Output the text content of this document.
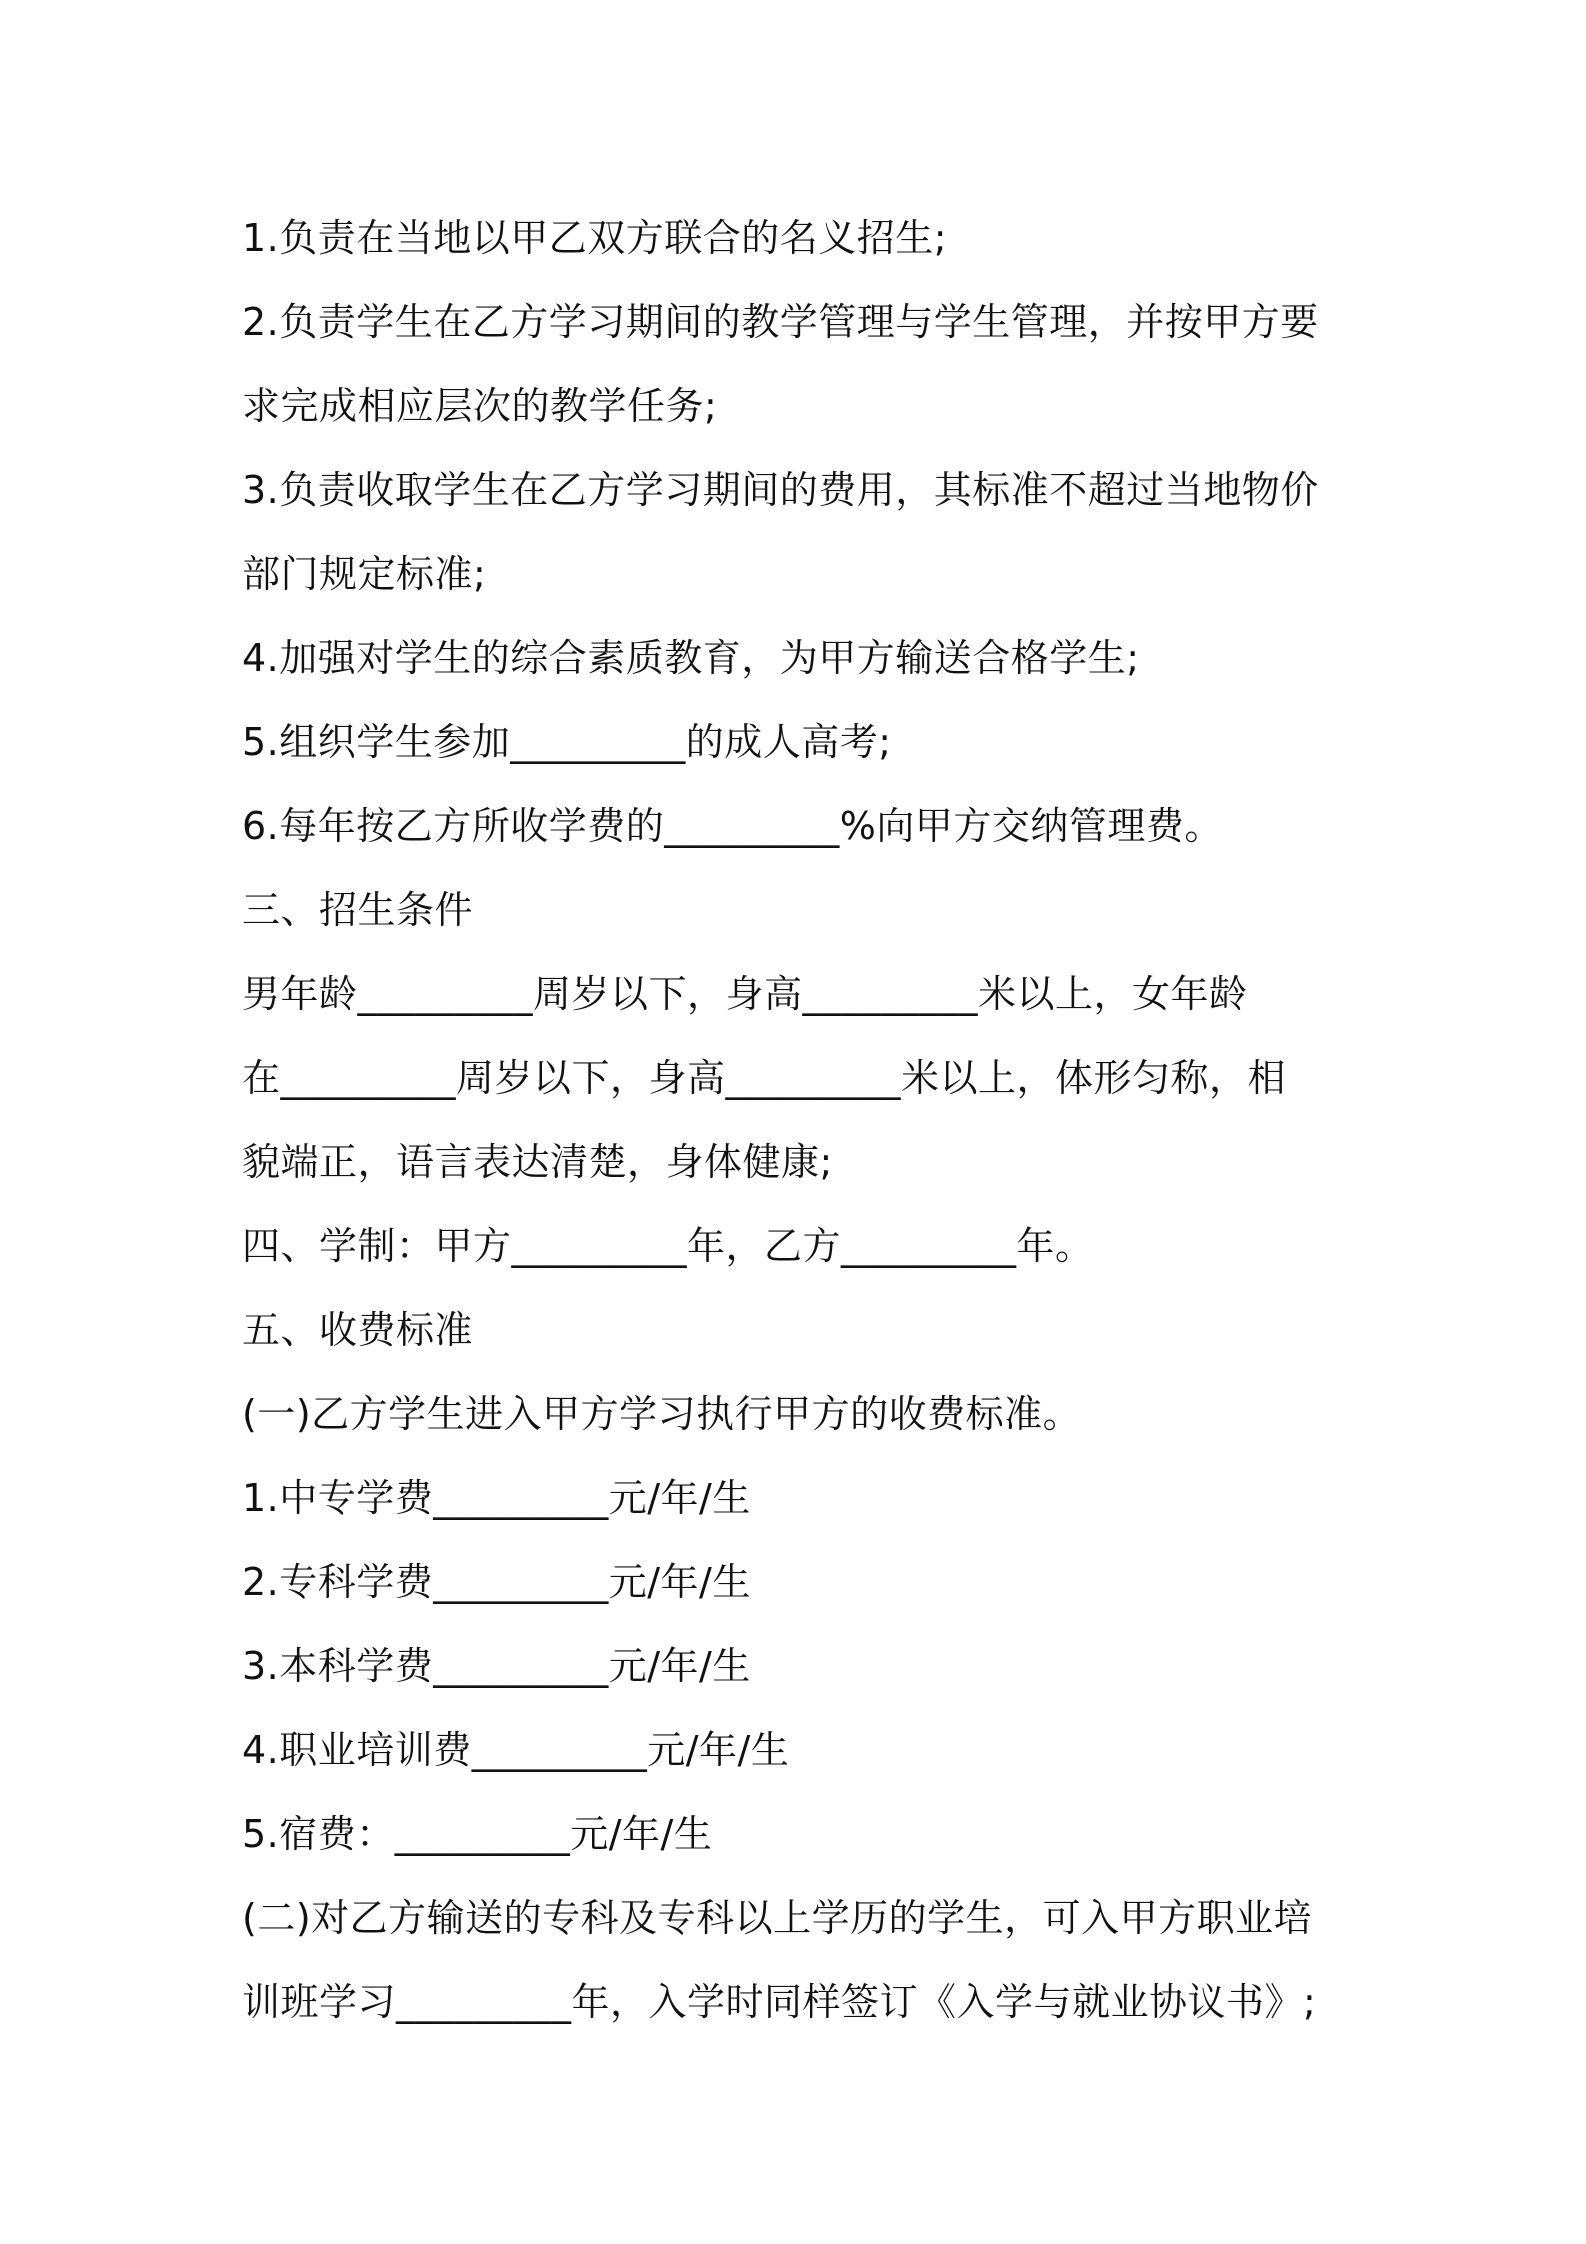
1.负责在当地以甲乙双方联合的名义招生;
2.负责学生在乙方学习期间的教学管理与学生管理，并按甲方要
求完成相应层次的教学任务;
3.负责收取学生在乙方学习期间的费用，其标准不超过当地物价
部门规定标准;
4.加强对学生的综合素质教育，为甲方输送合格学生;
5.组织学生参加_________的成人高考;
6.每年按乙方所收学费的_________%向甲方交纳管理费。
三、招生条件
男年龄_________周岁以下，身高_________米以上，女年龄
在_________周岁以下，身高_________米以上，体形匀称，相
貌端正，语言表达清楚，身体健康;
四、学制：甲方_________年，乙方_________年。
五、收费标准
(一)乙方学生进入甲方学习执行甲方的收费标准。
1.中专学费_________元/年/生
2.专科学费_________元/年/生
3.本科学费_________元/年/生
4.职业培训费_________元/年/生
5.宿费：_________元/年/生
(二)对乙方输送的专科及专科以上学历的学生，可入甲方职业培
训班学习_________年，入学时同样签订《入学与就业协议书》;
